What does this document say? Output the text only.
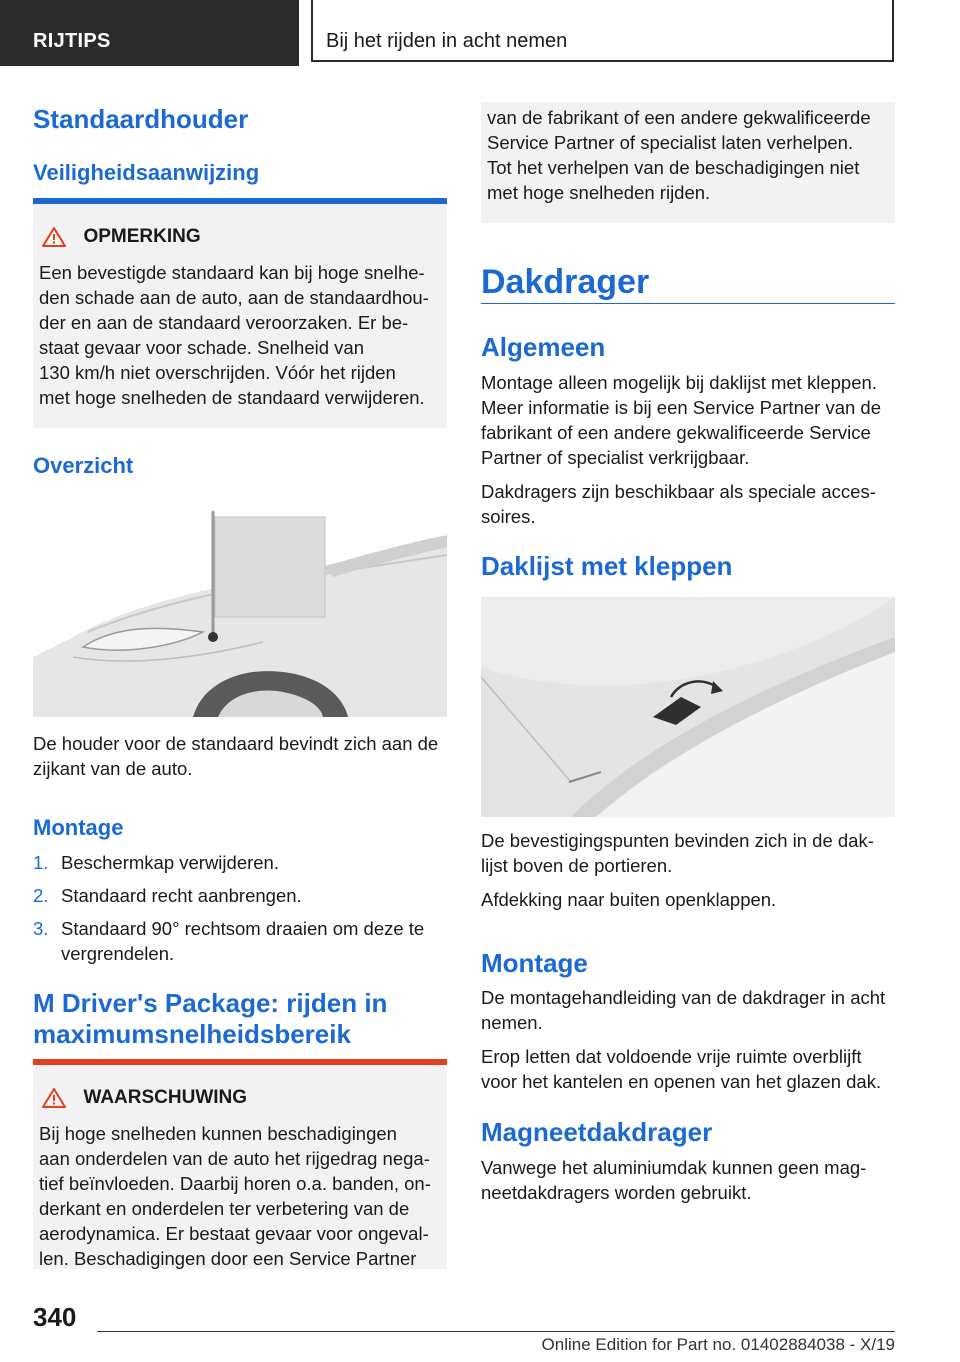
RIJTIPS	Bij het rijden in acht nemen
Standaardhouder
Veiligheidsaanwijzing
OPMERKING

Een bevestigde standaard kan bij hoge snelhe-

den schade aan de auto, aan de standaardhou-

der en aan de standaard veroorzaken. Er be-

staat gevaar voor schade. Snelheid van

130 km/h niet overschrijden. Vóór het rijden

met hoge snelheden de standaard verwijderen.

Overzicht

De houder voor de standaard bevindt zich aan de

zijkant van de auto.

Montage
1. Beschermkap verwijderen.
2. Standaard recht aanbrengen.
3. Standaard 90° rechtsom draaien om deze te
vergrendelen.
M Driver's Package: rijden in
maximumsnelheidsbereik
WAARSCHUWING

Bij hoge snelheden kunnen beschadigingen

aan onderdelen van de auto het rijgedrag nega-

tief beïnvloeden. Daarbij horen o.a. banden, on-

derkant en onderdelen ter verbetering van de

aerodynamica. Er bestaat gevaar voor ongeval-

len. Beschadigingen door een Service Partner

van de fabrikant of een andere gekwalificeerde

Service Partner of specialist laten verhelpen.

Tot het verhelpen van de beschadigingen niet

met hoge snelheden rijden.

Dakdrager
Algemeen

Montage alleen mogelijk bij daklijst met kleppen.

Meer informatie is bij een Service Partner van de

fabrikant of een andere gekwalificeerde Service

Partner of specialist verkrijgbaar.

Dakdragers zijn beschikbaar als speciale acces-

soires.

Daklijst met kleppen

De bevestigingspunten bevinden zich in de dak-

lijst boven de portieren.

Afdekking naar buiten openklappen.

Montage

De montagehandleiding van de dakdrager in acht

nemen.

Erop letten dat voldoende vrije ruimte overblijft

voor het kantelen en openen van het glazen dak.

Magneetdakdrager

Vanwege het aluminiumdak kunnen geen mag-

neetdakdragers worden gebruikt.

340
Online Edition for Part no. 01402884038 - X/19
